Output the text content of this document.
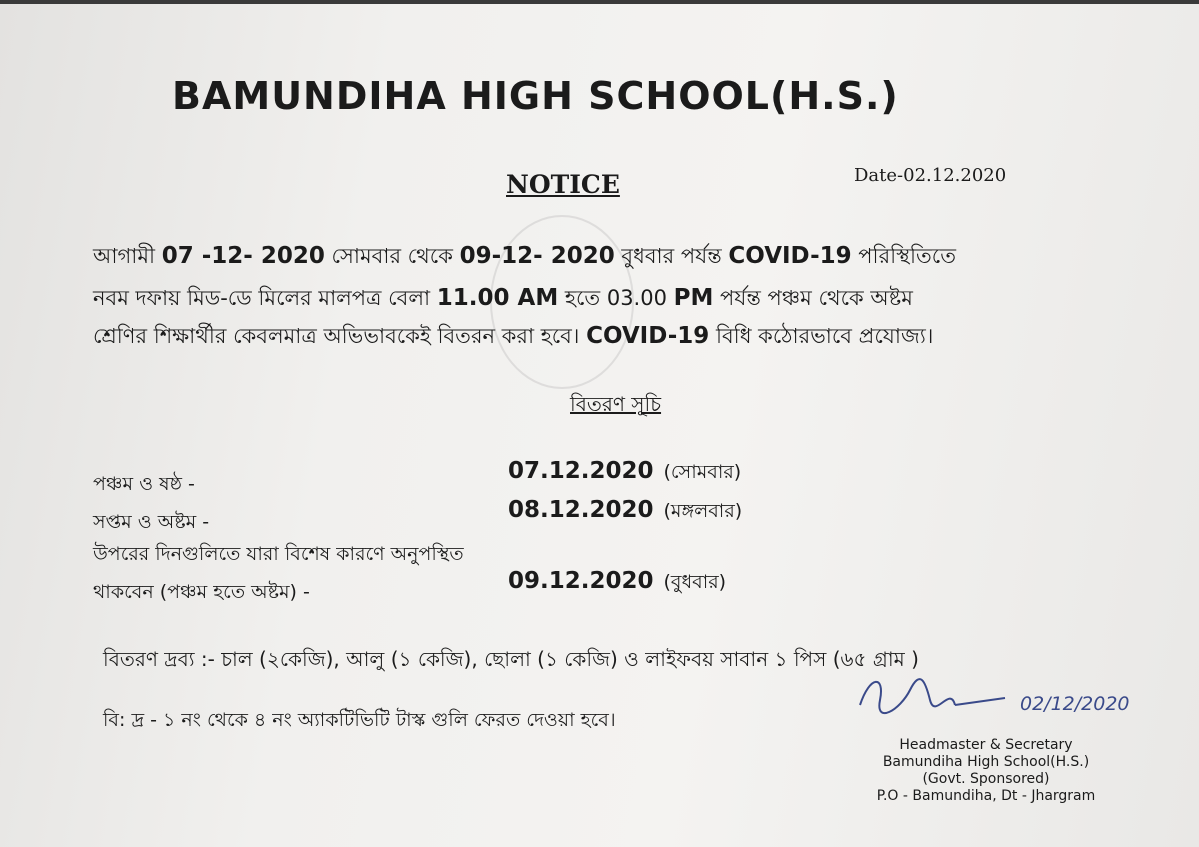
BAMUNDIHA HIGH SCHOOL(H.S.)
NOTICE	Date-02.12.2020
আগামী 07 -12- 2020 সোমবার থেকে 09-12- 2020 বুধবার পর্যন্ত COVID-19 পরিস্থিতিতে
নবম দফায় মিড-ডে মিলের মালপত্র বেলা 11.00 AM হতে 03.00 PM পর্যন্ত পঞ্চম থেকে অষ্টম
শ্রেণির শিক্ষার্থীর কেবলমাত্র অভিভাবকেই বিতরন করা হবে। COVID-19 বিধি কঠোরভাবে প্রযোজ্য।
বিতরণ সূচি
পঞ্চম ও ষষ্ঠ -	07.12.2020 (সোমবার)
সপ্তম ও অষ্টম -	08.12.2020 (মঙ্গলবার)
উপরের দিনগুলিতে যারা বিশেষ কারণে অনুপস্থিত
থাকবেন (পঞ্চম হতে অষ্টম) -	09.12.2020 (বুধবার)
বিতরণ দ্রব্য :- চাল (২কেজি), আলু (১ কেজি), ছোলা (১ কেজি) ও লাইফবয় সাবান ১ পিস (৬৫ গ্রাম )
বি: দ্র - ১ নং থেকে ৪ নং অ্যাকটিভিটি টাস্ক গুলি ফেরত দেওয়া হবে।
02/12/2020
Headmaster & Secretary
Bamundiha High School(H.S.)
(Govt. Sponsored)
P.O - Bamundiha, Dt - Jhargram
